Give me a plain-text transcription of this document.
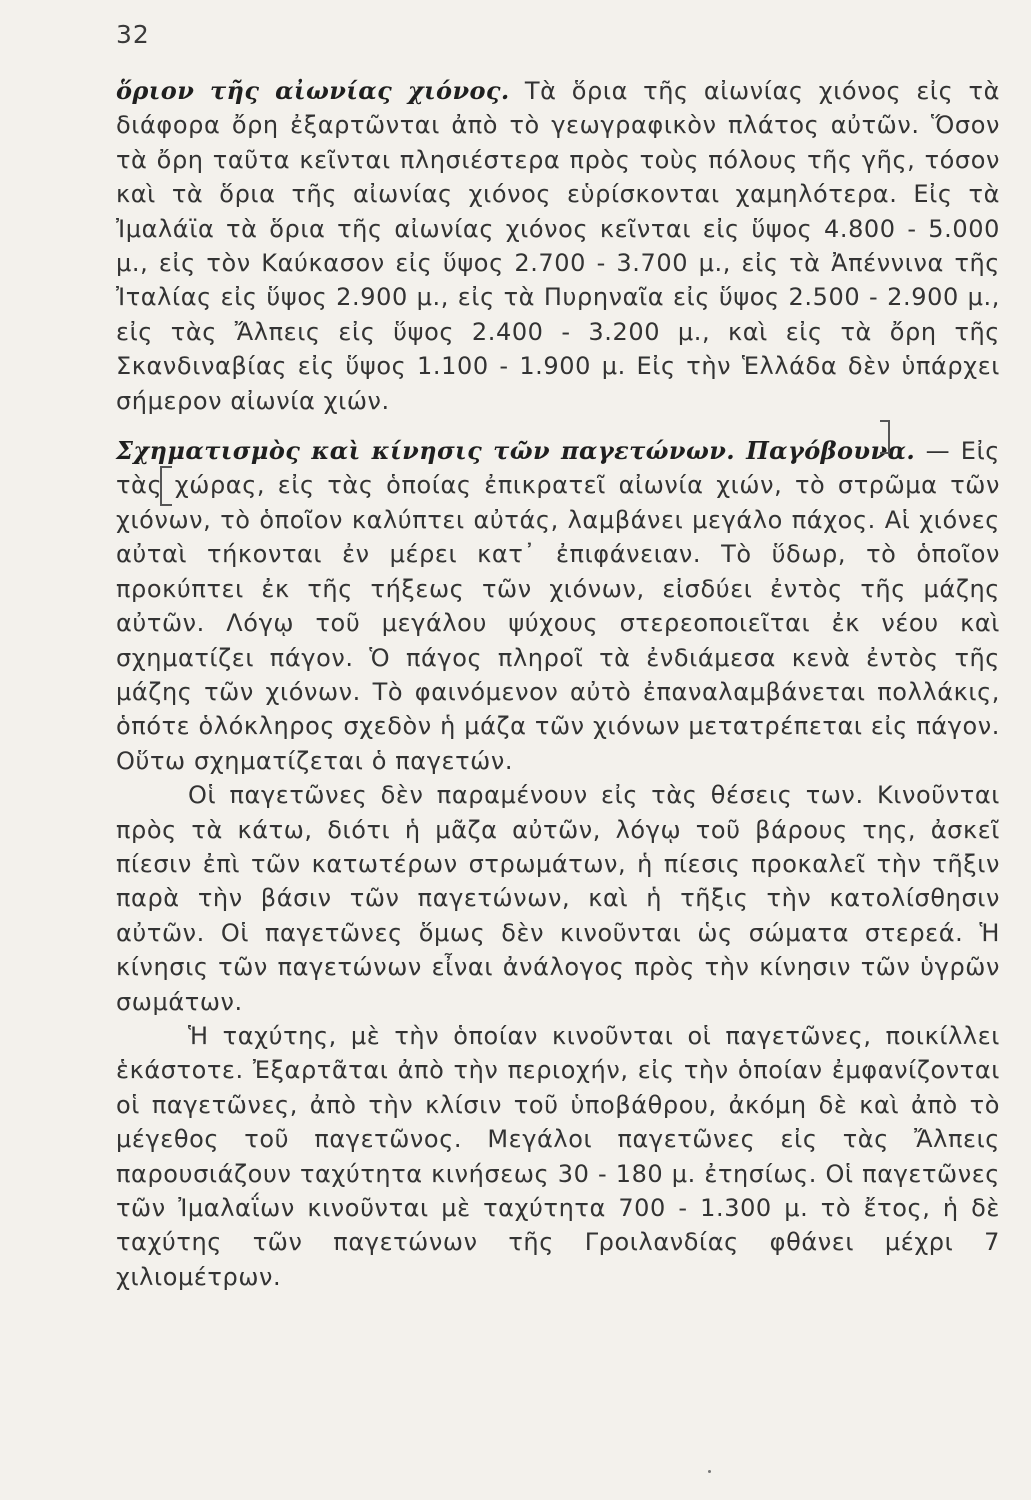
32

ὅριον τῆς αἰωνίας χιόνος. Τὰ ὅρια τῆς αἰωνίας χιόνος εἰς τὰ διάφορα ὄρη ἐξαρτῶνται ἀπὸ τὸ γεωγραφικὸν πλάτος αὐτῶν. Ὅσον τὰ ὄρη ταῦτα κεῖνται πλησιέστερα πρὸς τοὺς πόλους τῆς γῆς, τόσον καὶ τὰ ὅρια τῆς αἰωνίας χιόνος εὑρίσκονται χαμηλότερα. Εἰς τὰ Ἰμαλάϊα τὰ ὅρια τῆς αἰωνίας χιόνος κεῖνται εἰς ὕψος 4.800 - 5.000 μ., εἰς τὸν Καύκασον εἰς ὕψος 2.700 - 3.700 μ., εἰς τὰ Ἀπέννινα τῆς Ἰταλίας εἰς ὕψος 2.900 μ., εἰς τὰ Πυρηναῖα εἰς ὕψος 2.500 - 2.900 μ., εἰς τὰς Ἄλπεις εἰς ὕψος 2.400 - 3.200 μ., καὶ εἰς τὰ ὄρη τῆς Σκανδιναβίας εἰς ὕψος 1.100 - 1.900 μ. Εἰς τὴν Ἑλλάδα δὲν ὑπάρχει σήμερον αἰωνία χιών.

Σχηματισμὸς καὶ κίνησις τῶν παγετώνων. Παγόβουνα. — Εἰς τὰς χώρας, εἰς τὰς ὁποίας ἐπικρατεῖ αἰωνία χιών, τὸ στρῶμα τῶν χιόνων, τὸ ὁποῖον καλύπτει αὐτάς, λαμβάνει μεγάλο πάχος. Αἱ χιόνες αὐταὶ τήκονται ἐν μέρει κατ᾽ ἐπιφάνειαν. Τὸ ὕδωρ, τὸ ὁποῖον προκύπτει ἐκ τῆς τήξεως τῶν χιόνων, εἰσδύει ἐντὸς τῆς μάζης αὐτῶν. Λόγῳ τοῦ μεγάλου ψύχους στερεοποιεῖται ἐκ νέου καὶ σχηματίζει πάγον. Ὁ πάγος πληροῖ τὰ ἐνδιάμεσα κενὰ ἐντὸς τῆς μάζης τῶν χιόνων. Τὸ φαινόμενον αὐτὸ ἐπαναλαμβάνεται πολλάκις, ὁπότε ὁλόκληρος σχεδὸν ἡ μάζα τῶν χιόνων μετατρέπεται εἰς πάγον. Οὕτω σχηματίζεται ὁ παγετών.

Οἱ παγετῶνες δὲν παραμένουν εἰς τὰς θέσεις των. Κινοῦνται πρὸς τὰ κάτω, διότι ἡ μᾶζα αὐτῶν, λόγῳ τοῦ βάρους της, ἀσκεῖ πίεσιν ἐπὶ τῶν κατωτέρων στρωμάτων, ἡ πίεσις προκαλεῖ τὴν τῆξιν παρὰ τὴν βάσιν τῶν παγετώνων, καὶ ἡ τῆξις τὴν κατολίσθησιν αὐτῶν. Οἱ παγετῶνες ὅμως δὲν κινοῦνται ὡς σώματα στερεά. Ἡ κίνησις τῶν παγετώνων εἶναι ἀνάλογος πρὸς τὴν κίνησιν τῶν ὑγρῶν σωμάτων.

Ἡ ταχύτης, μὲ τὴν ὁποίαν κινοῦνται οἱ παγετῶνες, ποικίλλει ἑκάστοτε. Ἐξαρτᾶται ἀπὸ τὴν περιοχήν, εἰς τὴν ὁποίαν ἐμφανίζονται οἱ παγετῶνες, ἀπὸ τὴν κλίσιν τοῦ ὑποβάθρου, ἀκόμη δὲ καὶ ἀπὸ τὸ μέγεθος τοῦ παγετῶνος. Μεγάλοι παγετῶνες εἰς τὰς Ἄλπεις παρουσιάζουν ταχύτητα κινήσεως 30 - 180 μ. ἐτησίως. Οἱ παγετῶνες τῶν Ἰμαλαΐων κινοῦνται μὲ ταχύτητα 700 - 1.300 μ. τὸ ἔτος, ἡ δὲ ταχύτης τῶν παγετώνων τῆς Γροιλανδίας φθάνει μέχρι 7 χιλιομέτρων.
